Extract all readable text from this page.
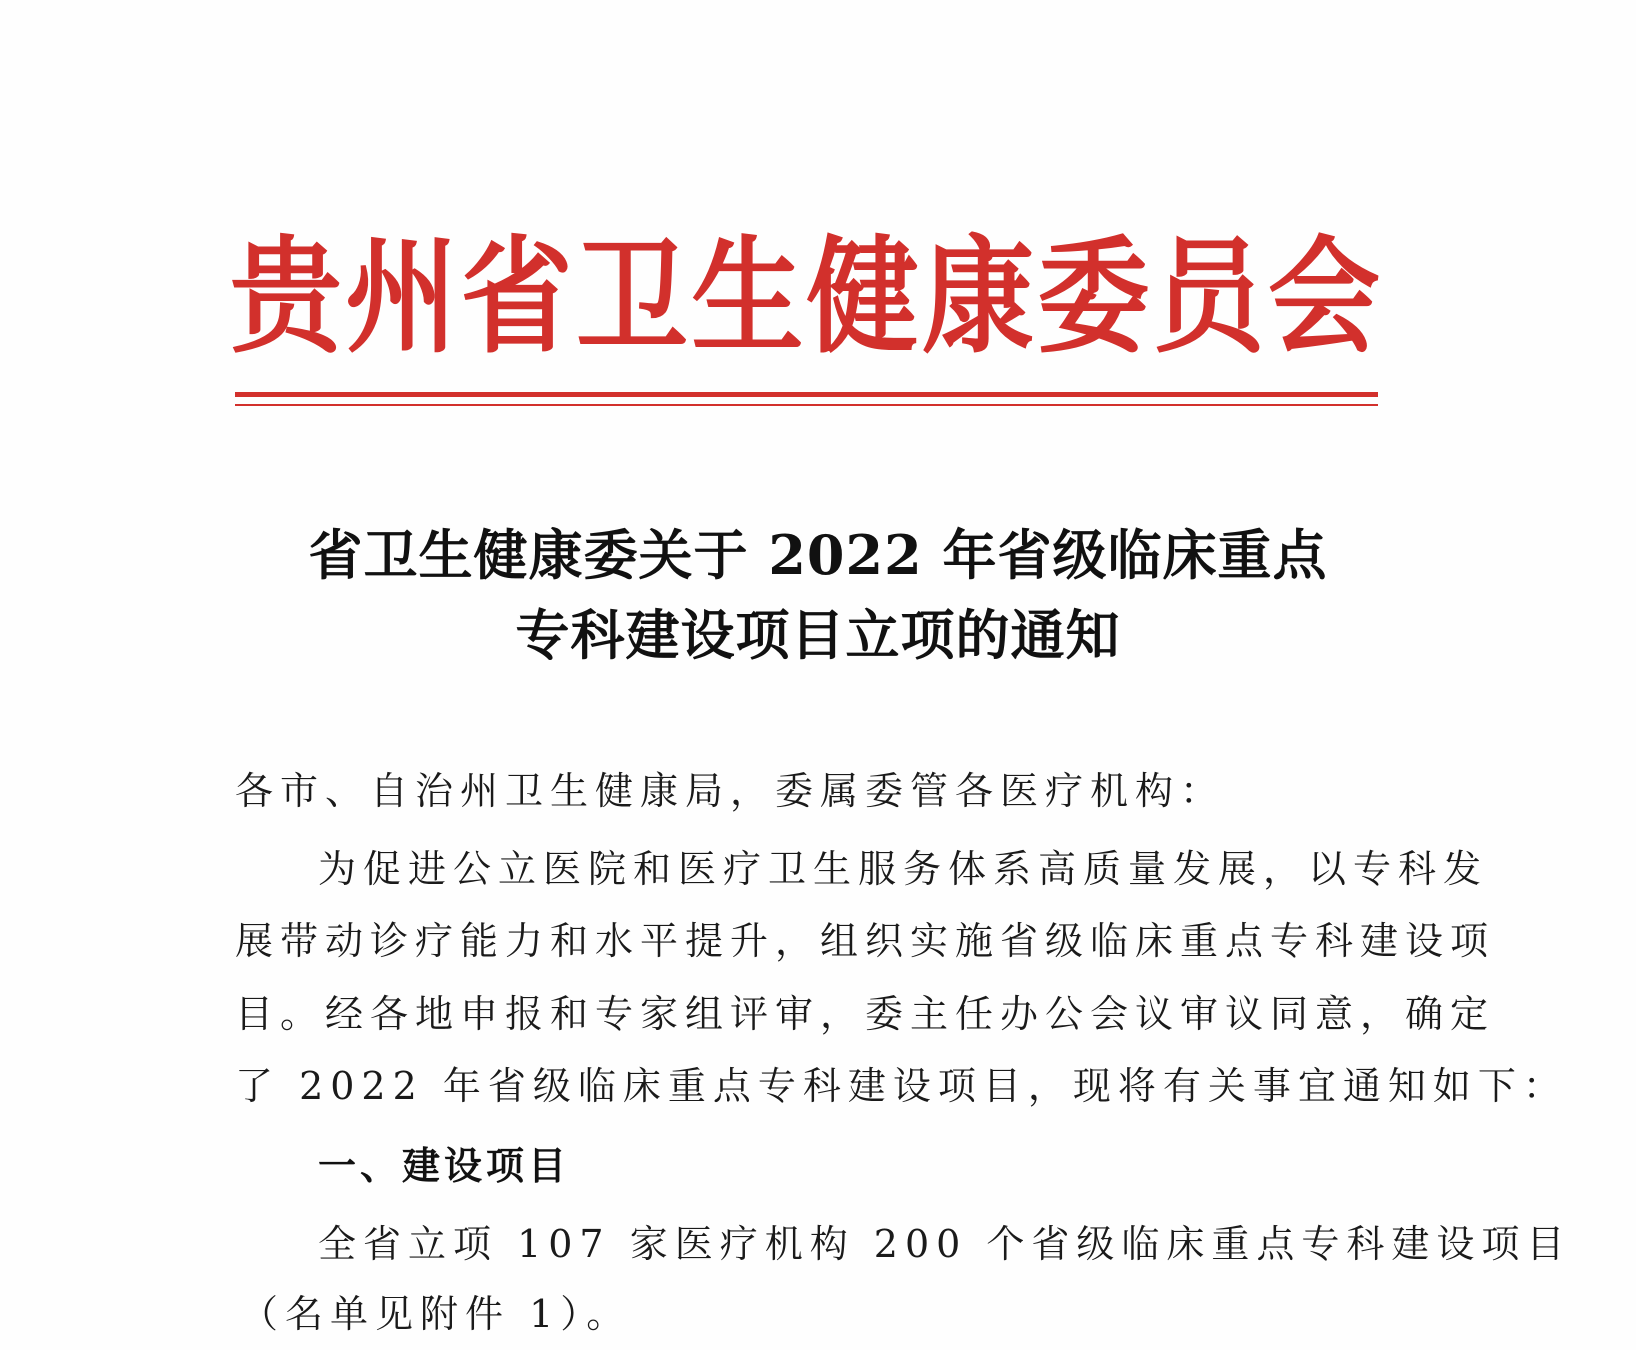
贵 州 省 卫 生 健 康 委 员 会
省卫生健康委关于 2022 年省级临床重点
专科建设项目立项的通知
各市、自治州卫生健康局，委属委管各医疗机构：
为促进公立医院和医疗卫生服务体系高质量发展，以专科发
展带动诊疗能力和水平提升，组织实施省级临床重点专科建设项
目。经各地申报和专家组评审，委主任办公会议审议同意，确定
了 2022 年省级临床重点专科建设项目，现将有关事宜通知如下：
一、建设项目
全省立项 107 家医疗机构 200 个省级临床重点专科建设项目
（名单见附件 1）。
